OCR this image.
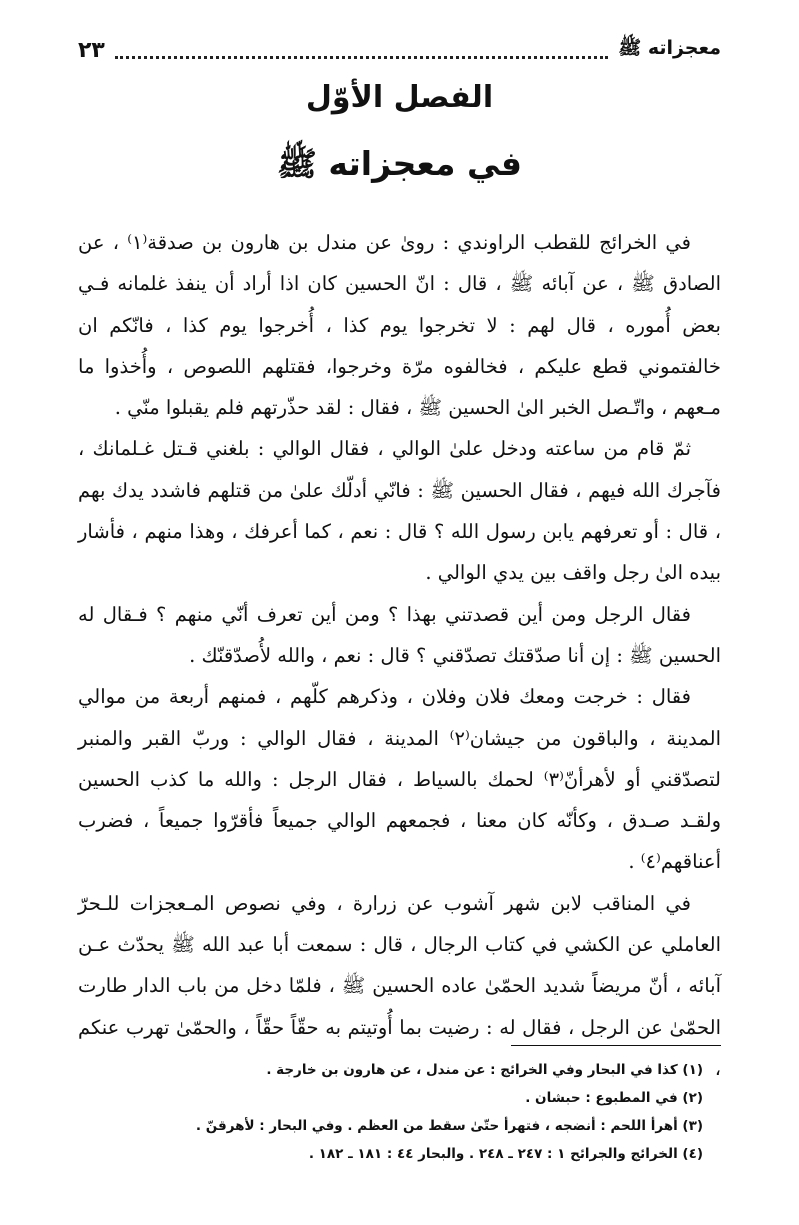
معجزاته ﷺ
٢٣
الفصل الأوّل
في معجزاته ﷺ

في الخرائج للقطب الراوندي : رویٰ عن مندل بن هارون بن صدقة⁽١⁾ ، عن الصادق ﷺ ، عن آبائه ﷺ ، قال : انّ الحسين كان اذا أراد أن ينفذ غلمانه فـي بعض أُموره ، قال لهم : لا تخرجوا يوم كذا ، أُخرجوا يوم كذا ، فانّكم ان خالفتموني قطع عليكم ، فخالفوه مرّة وخرجوا، فقتلهم اللصوص ، وأُخذوا ما مـعهم ، واتّـصل الخبر الیٰ الحسين ﷺ ، فقال : لقد حذّرتهم فلم يقبلوا منّي .

ثمّ قام من ساعته ودخل علیٰ الوالي ، فقال الوالي : بلغني قـتل غـلمانك ، فآجرك الله فيهم ، فقال الحسين ﷺ : فانّي أدلّك علیٰ من قتلهم فاشدد يدك بهم ، قال : أو تعرفهم يابن رسول الله ؟ قال : نعم ، كما أعرفك ، وهذا منهم ، فأشار بيده الیٰ رجل واقف بين يدي الوالي .

فقال الرجل ومن أين قصدتني بهذا ؟ ومن أين تعرف أنّي منهم ؟ فـقال له الحسين ﷺ : إن أنا صدّقتك تصدّقني ؟ قال : نعم ، والله لأُصدّقنّك .

فقال : خرجت ومعك فلان وفلان ، وذكرهم كلّهم ، فمنهم أربعة من موالي المدينة ، والباقون من جيشان⁽٢⁾ المدينة ، فقال الوالي : وربّ القبر والمنبر لتصدّقني أو لأهرأنّ⁽٣⁾ لحمك بالسياط ، فقال الرجل : والله ما كذب الحسين ولقـد صـدق ، وكأنّه كان معنا ، فجمعهم الوالي جميعاً فأقرّوا جميعاً ، فضرب أعناقهم⁽٤⁾ .

في المناقب لابن شهر آشوب عن زرارة ، وفي نصوص المـعجزات للـحرّ العاملي عن الكشي في كتاب الرجال ، قال : سمعت أبا عبد الله ﷺ يحدّث عـن آبائه ، أنّ مريضاً شديد الحمّیٰ عاده الحسين ﷺ ، فلمّا دخل من باب الدار طارت الحمّیٰ عن الرجل ، فقال له : رضيت بما أُوتيتم به حقّاً حقّاً ، والحمّیٰ تهرب عنكم ،

(١) كذا في البحار وفي الخرائج : عن مندل ، عن هارون بن خارجة .
(٢) في المطبوع : حبشان .
(٣) أهرأ اللحم : أنضجه ، فتهرأ حتّیٰ سقط من العظم . وفي البحار : لأهرقنّ .
(٤) الخرائج والجرائح ١ : ٢٤٧ ـ ٢٤٨ . والبحار ٤٤ : ١٨١ ـ ١٨٢ .
